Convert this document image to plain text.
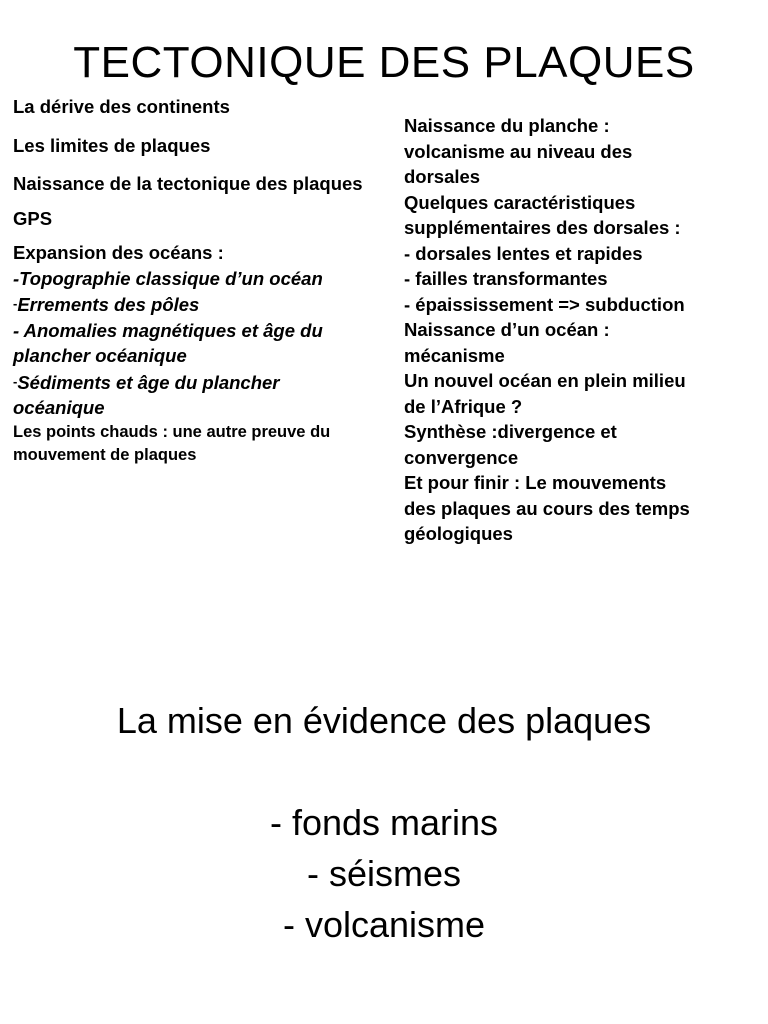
TECTONIQUE DES PLAQUES
La dérive des continents
Les limites de plaques
Naissance de la tectonique des plaques
GPS
Expansion des océans :
-Topographie classique d’un océan
-Errements des pôles
- Anomalies magnétiques et âge du plancher océanique
-Sédiments et âge du plancher océanique
Les points chauds : une autre preuve du mouvement de plaques
Naissance du planche :
volcanisme au niveau des
dorsales
Quelques caractéristiques
supplémentaires des dorsales :
- dorsales lentes et rapides
- failles transformantes
- épaississement => subduction
Naissance d’un océan :
mécanisme
Un nouvel océan en plein milieu
de l’Afrique ?
Synthèse :divergence et
convergence
Et pour finir : Le mouvements
des plaques au cours des temps
géologiques
La mise en évidence des plaques
- fonds marins
- séismes
- volcanisme
